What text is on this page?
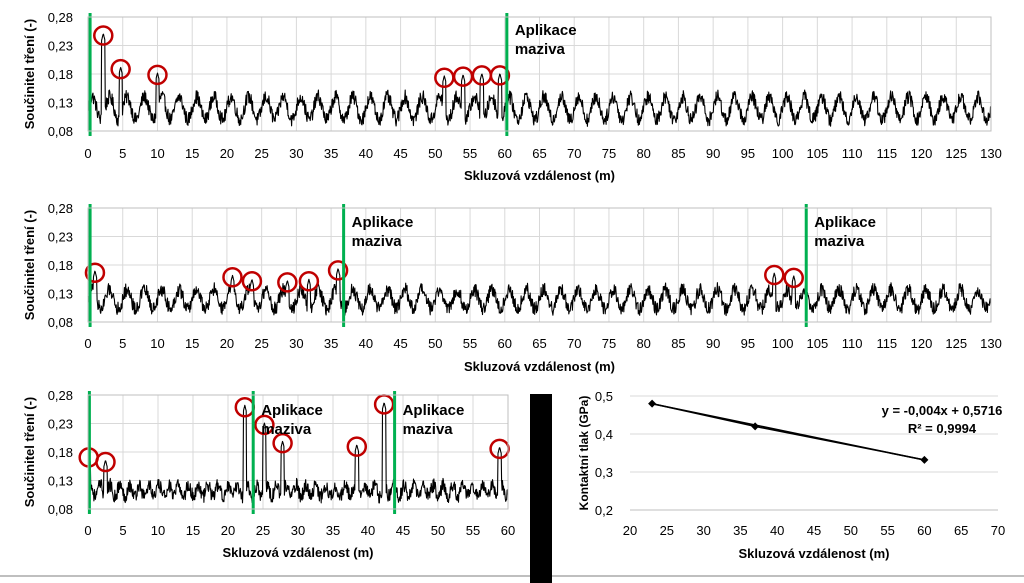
0,08
0,13
0,18
0,23
0,28
0 5 10 15 20 25 30 35 40 45 50 55 60 65 70 75 80 85 90 95 100 105 110 115 120 125 130
Skluzová vzdálenost (m)
Součinitel tření (-)	Aplikace maziva
0,08
0,13
0,18
0,23
0,28
0 5 10 15 20 25 30 35 40 45 50 55 60 65 70 75 80 85 90 95 100 105 110 115 120 125 130
Skluzová vzdálenost (m)
Součinitel tření (-)	Aplikace maziva
Aplikace maziva
0,08
0,13
0,18
0,23
0,28
0 5 10 15 20 25 30 35 40 45 50 55 60
Skluzová vzdálenost (m)
Součinitel tření (-)	Aplikace maziva
Aplikace maziva
0,2
0,3
0,4
0,5
20 25 30 35 40 45 50 55 60 65 70
Skluzová vzdálenost (m)
Kontaktní tlak (GPa)	y = -0,004x + 0,5716
R² = 0,9994
